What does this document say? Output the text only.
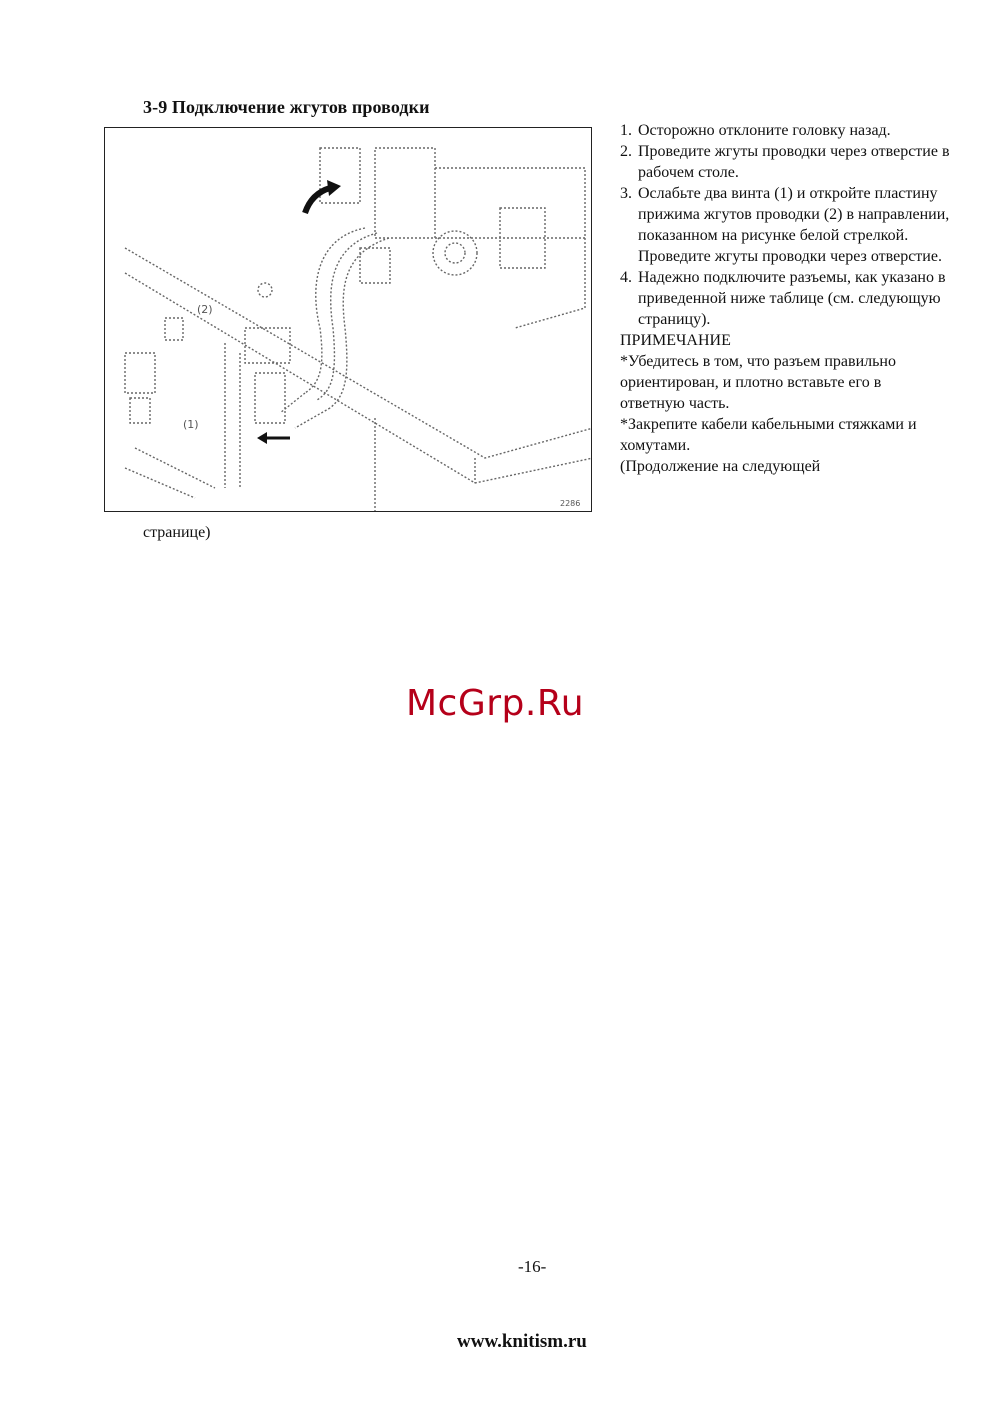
3-9 Подключение жгутов проводки
(2)
(1)
2286
1. Осторожно отклоните головку назад.
2. Проведите жгуты проводки через отверстие в рабочем столе.
3. Ослабьте два винта (1) и откройте пластину прижима жгутов проводки (2) в направлении, показанном на рисунке белой стрелкой. Проведите жгуты проводки через отверстие.
4. Надежно подключите разъемы, как указано в приведенной ниже таблице (см. следующую страницу).
ПРИМЕЧАНИЕ
*Убедитесь в том, что разъем правильно ориентирован, и плотно вставьте его в ответную часть.
*Закрепите кабели кабельными стяжками и хомутами.
(Продолжение на следующей
странице)
McGrp.Ru
-16-
www.knitism.ru
